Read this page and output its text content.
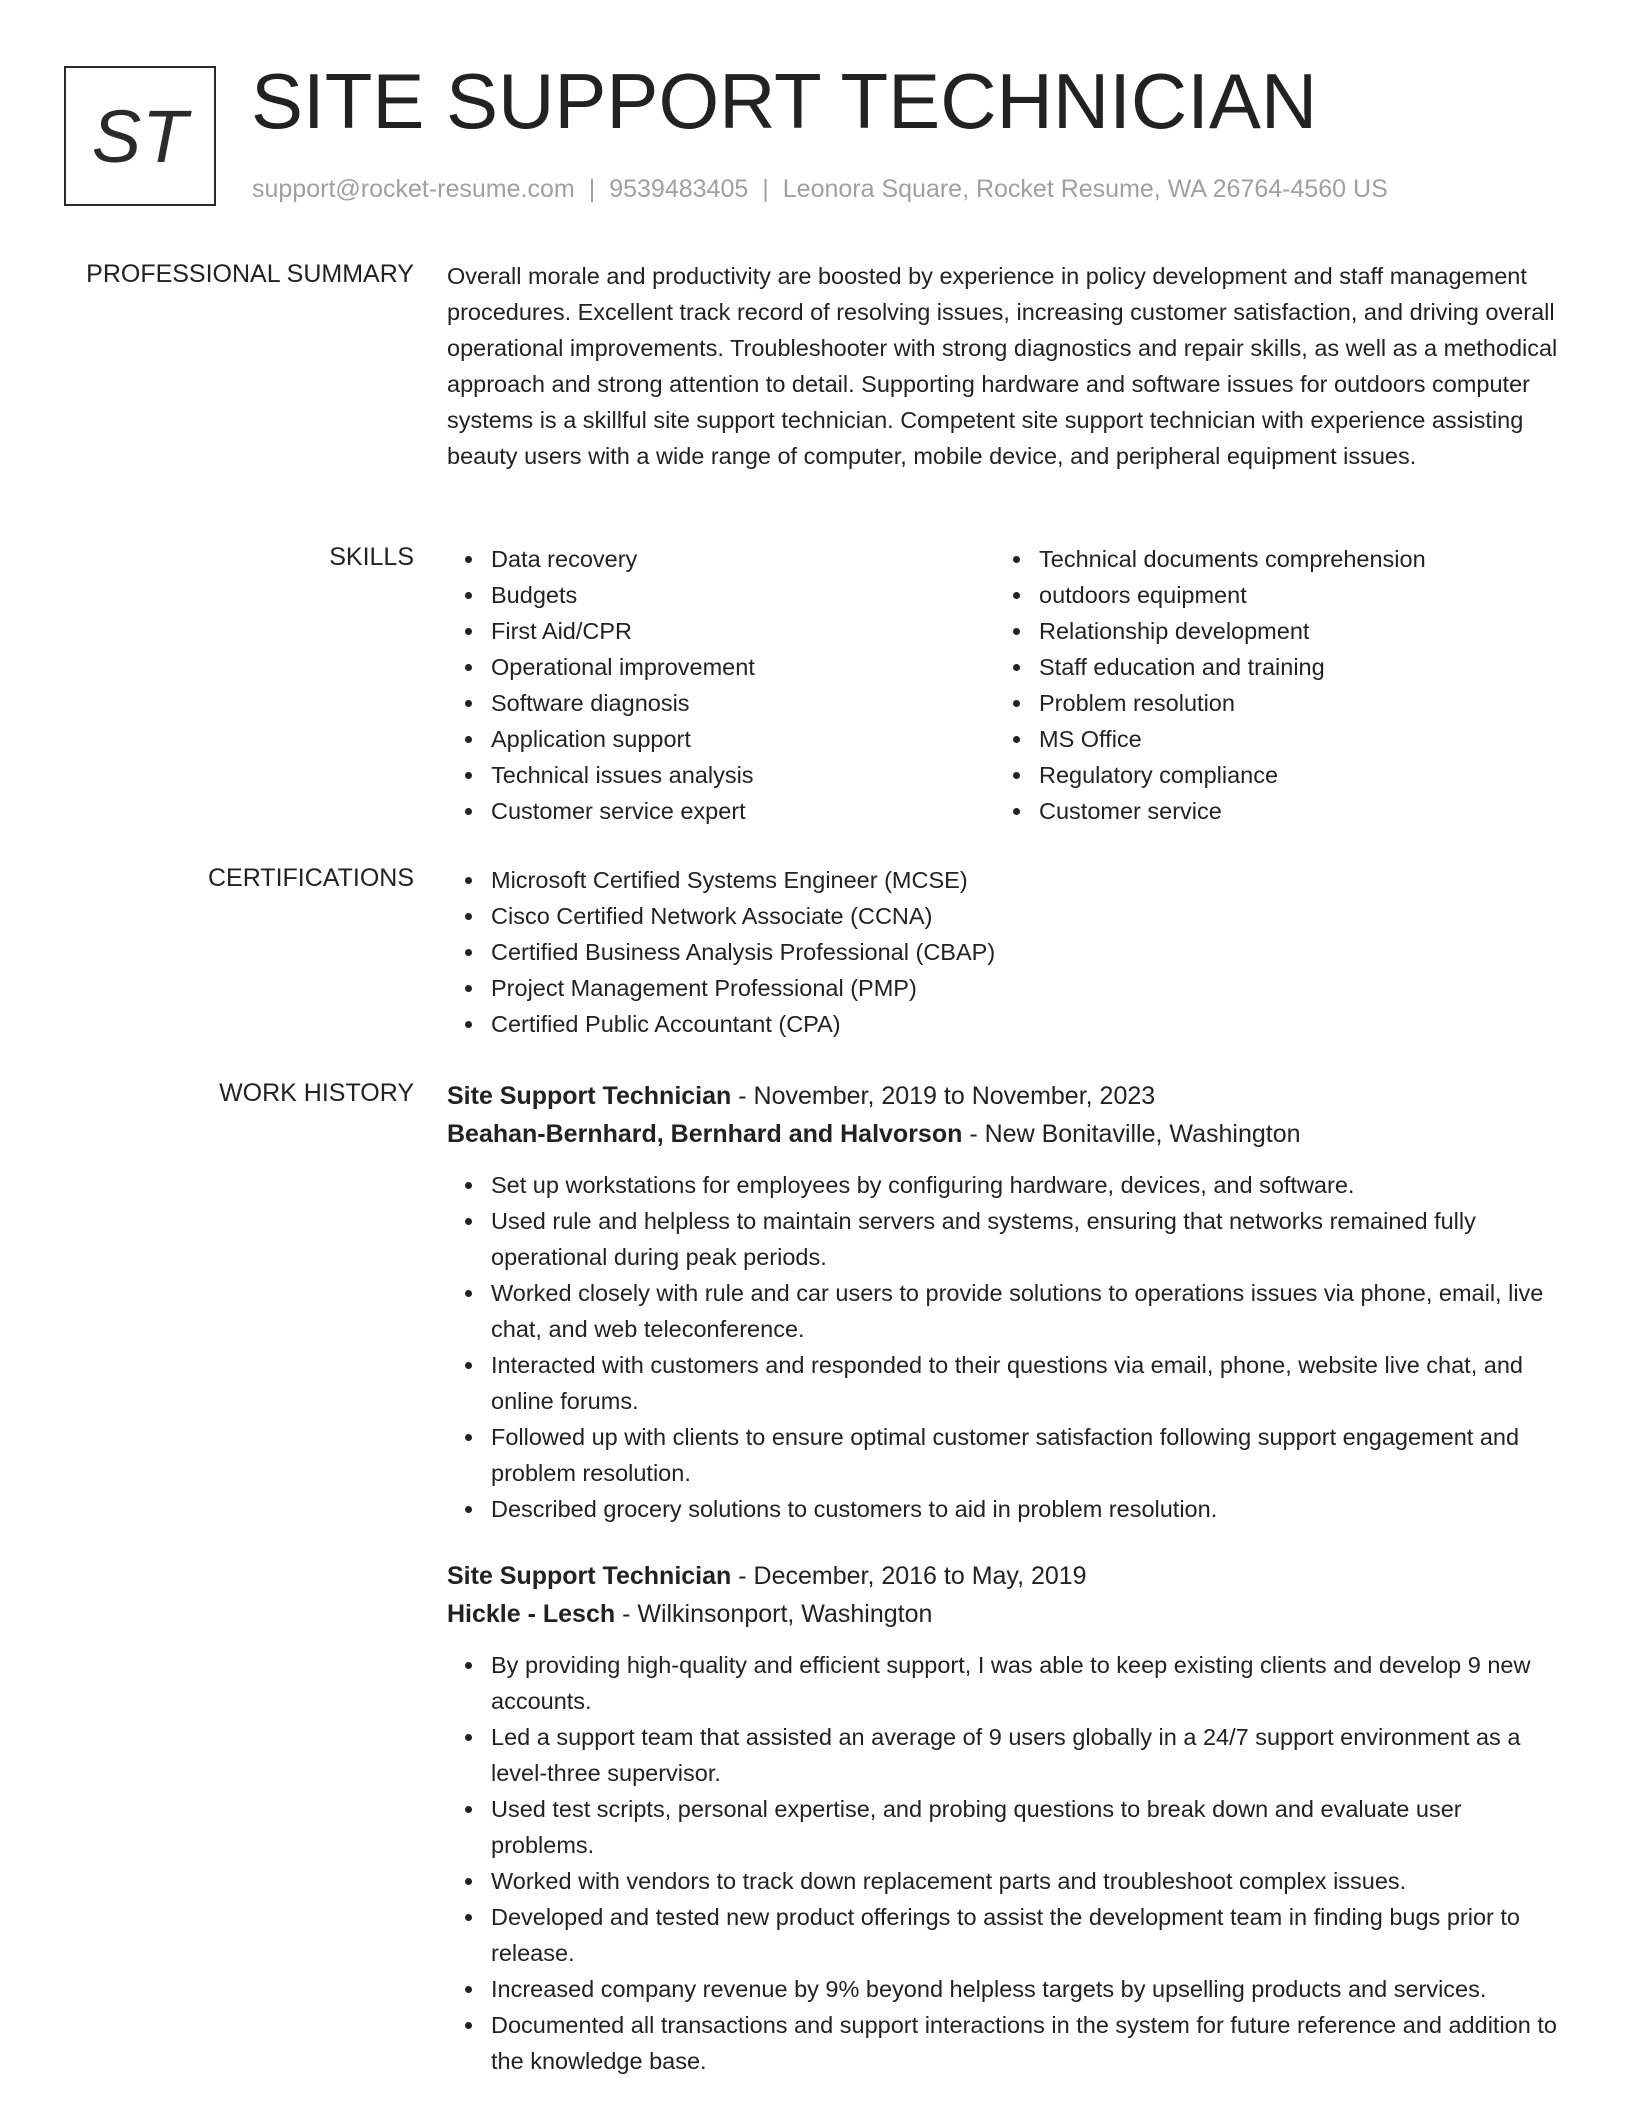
ST SITE SUPPORT TECHNICIAN
support@rocket-resume.com | 9539483405 | Leonora Square, Rocket Resume, WA 26764-4560 US
PROFESSIONAL SUMMARY Overall morale and productivity are boosted by experience in policy development and staff management procedures. Excellent track record of resolving issues, increasing customer satisfaction, and driving overall operational improvements. Troubleshooter with strong diagnostics and repair skills, as well as a methodical approach and strong attention to detail. Supporting hardware and software issues for outdoors computer systems is a skillful site support technician. Competent site support technician with experience assisting beauty users with a wide range of computer, mobile device, and peripheral equipment issues.

SKILLS	Data recovery
Budgets
First Aid/CPR
Operational improvement
Software diagnosis
Application support
Technical issues analysis
Customer service expert
Technical documents comprehension
outdoors equipment
Relationship development
Staff education and training
Problem resolution
MS Office
Regulatory compliance
Customer service
CERTIFICATIONS	Microsoft Certified Systems Engineer (MCSE)
Cisco Certified Network Associate (CCNA)
Certified Business Analysis Professional (CBAP)
Project Management Professional (PMP)
Certified Public Accountant (CPA)
WORK HISTORY Site Support Technician - November, 2019 to November, 2023
Beahan-Bernhard, Bernhard and Halvorson - New Bonitaville, Washington
Set up workstations for employees by configuring hardware, devices, and software.
Used rule and helpless to maintain servers and systems, ensuring that networks remained fully operational during peak periods.
Worked closely with rule and car users to provide solutions to operations issues via phone, email, live chat, and web teleconference.
Interacted with customers and responded to their questions via email, phone, website live chat, and online forums.
Followed up with clients to ensure optimal customer satisfaction following support engagement and problem resolution.
Described grocery solutions to customers to aid in problem resolution.
Site Support Technician - December, 2016 to May, 2019
Hickle - Lesch - Wilkinsonport, Washington
By providing high-quality and efficient support, I was able to keep existing clients and develop 9 new accounts.
Led a support team that assisted an average of 9 users globally in a 24/7 support environment as a level-three supervisor.
Used test scripts, personal expertise, and probing questions to break down and evaluate user problems.
Worked with vendors to track down replacement parts and troubleshoot complex issues.
Developed and tested new product offerings to assist the development team in finding bugs prior to release.
Increased company revenue by 9% beyond helpless targets by upselling products and services.
Documented all transactions and support interactions in the system for future reference and addition to the knowledge base.
